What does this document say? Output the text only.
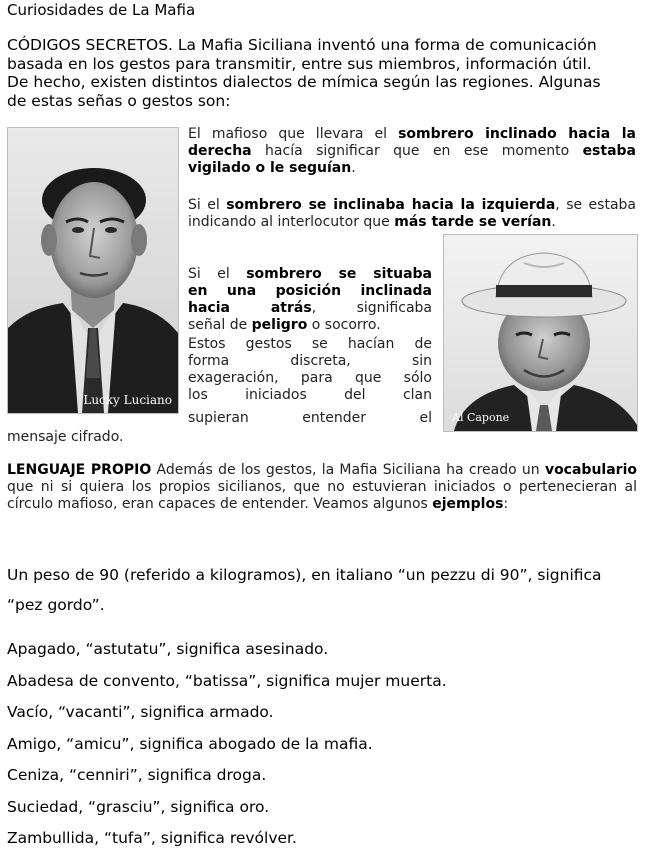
Curiosidades de La Mafia
CÓDIGOS SECRETOS. La Mafia Siciliana inventó una forma de comunicación basada en los gestos para transmitir, entre sus miembros, información útil. De hecho, existen distintos dialectos de mímica según las regiones. Algunas de estas señas o gestos son:
Lucky Luciano
Al Capone
El mafioso que llevara el sombrero inclinado hacia la derecha hacía significar que en ese momento estaba vigilado o le seguían.
Si el sombrero se inclinaba hacia la izquierda, se estaba indicando al interlocutor que más tarde se verían.
Si el sombrero se situaba
en una posición inclinada
hacia atrás, significaba
señal de peligro o socorro.
Estos gestos se hacían de
forma discreta, sin
exageración, para que sólo
los iniciados del clan
supieran entender el
mensaje cifrado.
LENGUAJE PROPIO Además de los gestos, la Mafia Siciliana ha creado un vocabulario que ni si quiera los propios sicilianos, que no estuvieran iniciados o pertenecieran al círculo mafioso, eran capaces de entender. Veamos algunos ejemplos:

Un peso de 90 (referido a kilogramos), en italiano “un pezzu di 90”, significa “pez gordo”.

Apagado, “astutatu”, significa asesinado.

Abadesa de convento, “batissa”, significa mujer muerta.

Vacío, “vacanti”, significa armado.

Amigo, “amicu”, significa abogado de la mafia.

Ceniza, “cenniri”, significa droga.

Suciedad, “grasciu”, significa oro.

Zambullida, “tufa”, significa revólver.
